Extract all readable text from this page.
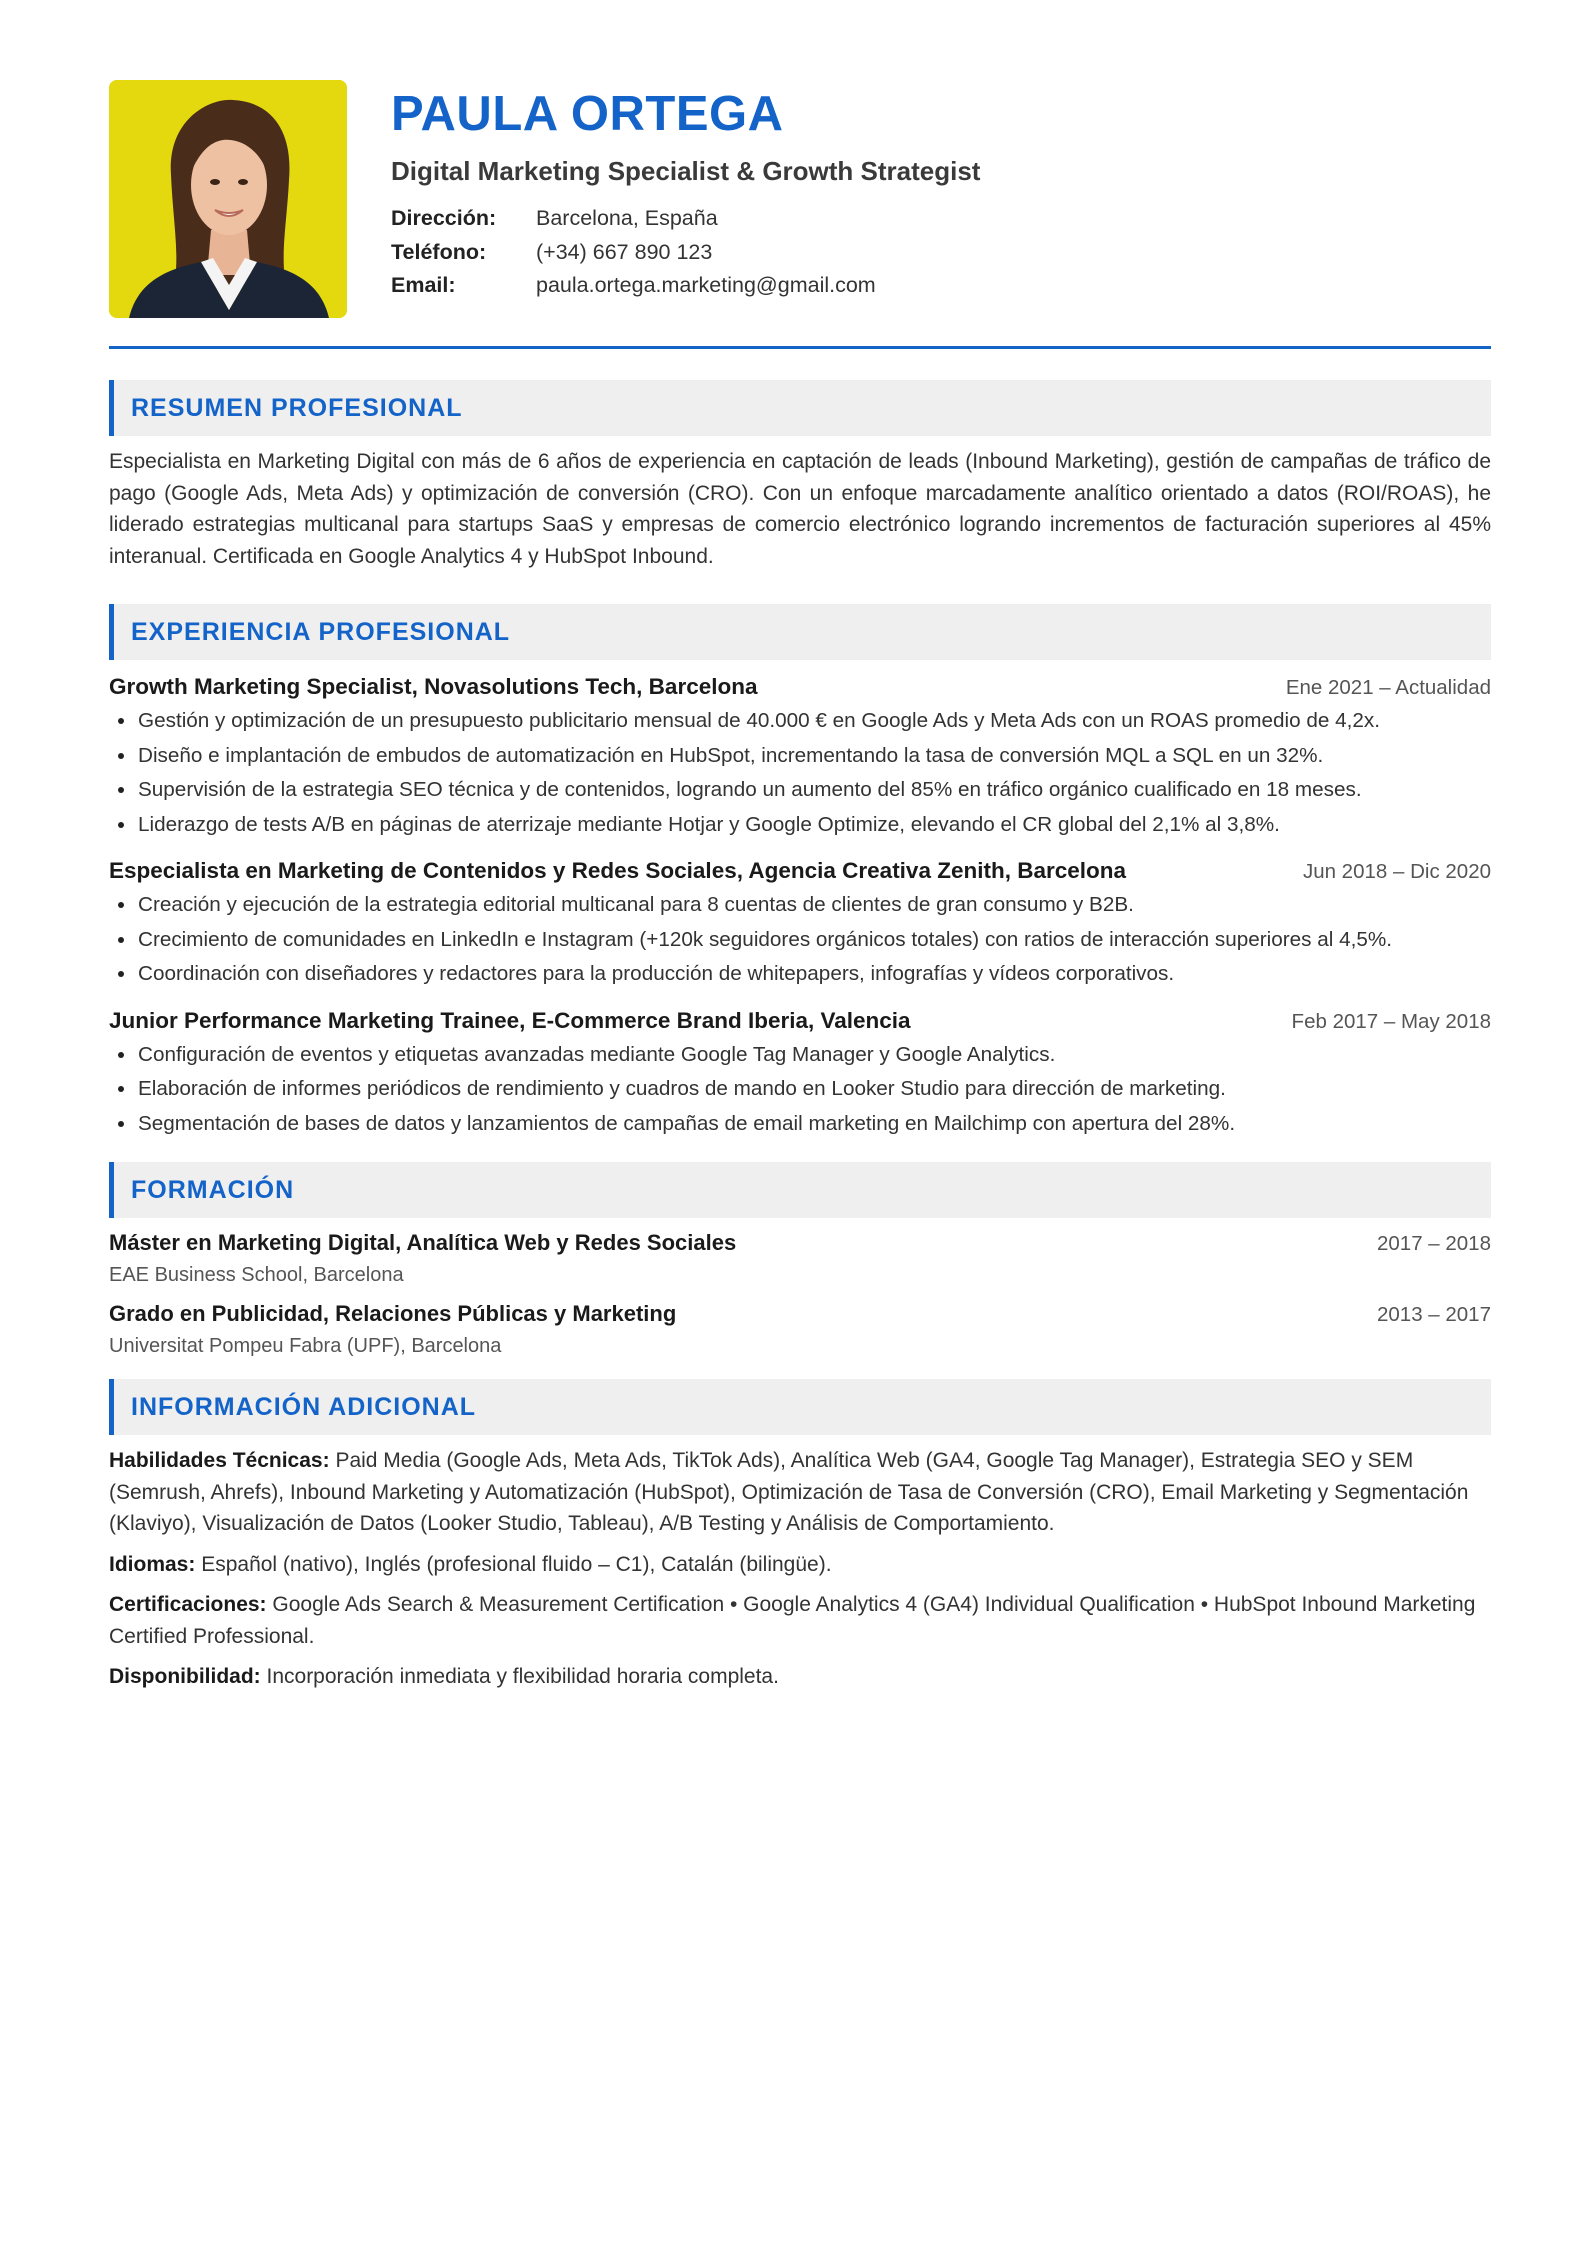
PAULA ORTEGA
Digital Marketing Specialist & Growth Strategist
Dirección:	Barcelona, España
Teléfono:	(+34) 667 890 123
Email:	paula.ortega.marketing@gmail.com
RESUMEN PROFESIONAL
Especialista en Marketing Digital con más de 6 años de experiencia en captación de leads (Inbound Marketing), gestión de campañas de tráfico de pago (Google Ads, Meta Ads) y optimización de conversión (CRO). Con un enfoque marcadamente analítico orientado a datos (ROI/ROAS), he liderado estrategias multicanal para startups SaaS y empresas de comercio electrónico logrando incrementos de facturación superiores al 45% interanual. Certificada en Google Analytics 4 y HubSpot Inbound.
EXPERIENCIA PROFESIONAL
Growth Marketing Specialist, Novasolutions Tech, Barcelona	Ene 2021 – Actualidad
Gestión y optimización de un presupuesto publicitario mensual de 40.000 € en Google Ads y Meta Ads con un ROAS promedio de 4,2x.
Diseño e implantación de embudos de automatización en HubSpot, incrementando la tasa de conversión MQL a SQL en un 32%.
Supervisión de la estrategia SEO técnica y de contenidos, logrando un aumento del 85% en tráfico orgánico cualificado en 18 meses.
Liderazgo de tests A/B en páginas de aterrizaje mediante Hotjar y Google Optimize, elevando el CR global del 2,1% al 3,8%.
Especialista en Marketing de Contenidos y Redes Sociales, Agencia Creativa Zenith, Barcelona	Jun 2018 – Dic 2020
Creación y ejecución de la estrategia editorial multicanal para 8 cuentas de clientes de gran consumo y B2B.
Crecimiento de comunidades en LinkedIn e Instagram (+120k seguidores orgánicos totales) con ratios de interacción superiores al 4,5%.
Coordinación con diseñadores y redactores para la producción de whitepapers, infografías y vídeos corporativos.
Junior Performance Marketing Trainee, E-Commerce Brand Iberia, Valencia	Feb 2017 – May 2018
Configuración de eventos y etiquetas avanzadas mediante Google Tag Manager y Google Analytics.
Elaboración de informes periódicos de rendimiento y cuadros de mando en Looker Studio para dirección de marketing.
Segmentación de bases de datos y lanzamientos de campañas de email marketing en Mailchimp con apertura del 28%.
FORMACIÓN
Máster en Marketing Digital, Analítica Web y Redes Sociales	2017 – 2018
EAE Business School, Barcelona
Grado en Publicidad, Relaciones Públicas y Marketing	2013 – 2017
Universitat Pompeu Fabra (UPF), Barcelona
INFORMACIÓN ADICIONAL
Habilidades Técnicas: Paid Media (Google Ads, Meta Ads, TikTok Ads), Analítica Web (GA4, Google Tag Manager), Estrategia SEO y SEM (Semrush, Ahrefs), Inbound Marketing y Automatización (HubSpot), Optimización de Tasa de Conversión (CRO), Email Marketing y Segmentación (Klaviyo), Visualización de Datos (Looker Studio, Tableau), A/B Testing y Análisis de Comportamiento.
Idiomas: Español (nativo), Inglés (profesional fluido – C1), Catalán (bilingüe).
Certificaciones: Google Ads Search & Measurement Certification • Google Analytics 4 (GA4) Individual Qualification • HubSpot Inbound Marketing Certified Professional.
Disponibilidad: Incorporación inmediata y flexibilidad horaria completa.
